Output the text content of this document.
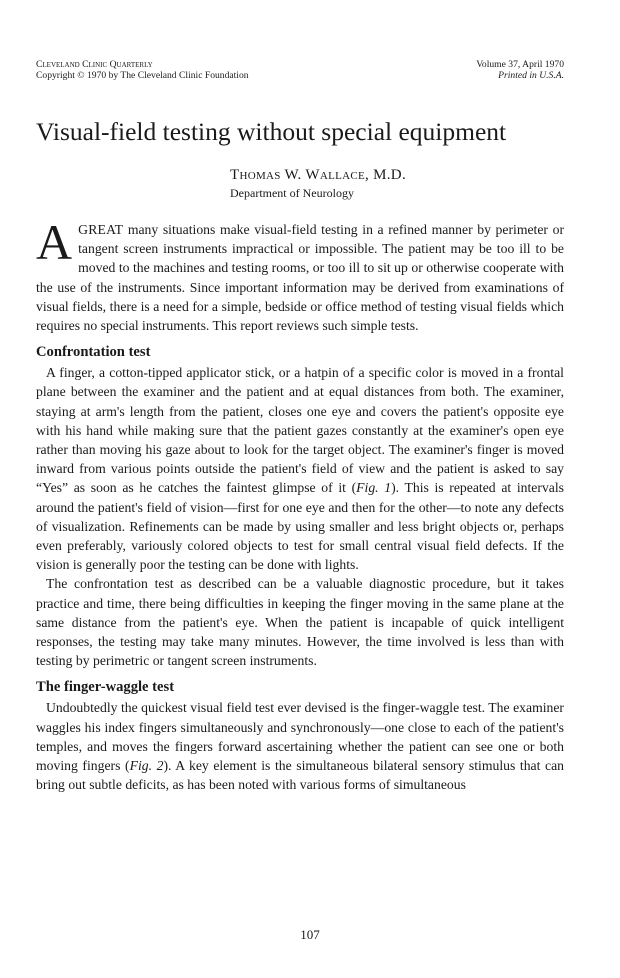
Cleveland Clinic Quarterly
Copyright © 1970 by The Cleveland Clinic Foundation
Volume 37, April 1970
Printed in U.S.A.
Visual-field testing without special equipment
Thomas W. Wallace, M.D.
Department of Neurology

AGREAT many situations make visual-field testing in a refined manner by perimeter or tangent screen instruments impractical or impossible. The patient may be too ill to be moved to the machines and testing rooms, or too ill to sit up or otherwise cooperate with the use of the instruments. Since important information may be derived from examinations of visual fields, there is a need for a simple, bedside or office method of testing visual fields which requires no special instruments. This report reviews such simple tests.

Confrontation test

A finger, a cotton-tipped applicator stick, or a hatpin of a specific color is moved in a frontal plane between the examiner and the patient and at equal distances from both. The examiner, staying at arm's length from the patient, closes one eye and covers the patient's opposite eye with his hand while making sure that the patient gazes constantly at the examiner's open eye rather than moving his gaze about to look for the target object. The examiner's finger is moved inward from various points outside the patient's field of view and the patient is asked to say “Yes” as soon as he catches the faintest glimpse of it (Fig. 1). This is repeated at intervals around the patient's field of vision—first for one eye and then for the other—to note any defects of visualization. Refinements can be made by using smaller and less bright objects or, perhaps even preferably, variously colored objects to test for small central visual field defects. If the vision is generally poor the testing can be done with lights.

The confrontation test as described can be a valuable diagnostic procedure, but it takes practice and time, there being difficulties in keeping the finger moving in the same plane at the same distance from the patient's eye. When the patient is incapable of quick intelligent responses, the testing may take many minutes. However, the time involved is less than with testing by perimetric or tangent screen instruments.

The finger-waggle test

Undoubtedly the quickest visual field test ever devised is the finger-waggle test. The examiner waggles his index fingers simultaneously and synchronously—one close to each of the patient's temples, and moves the fingers forward ascertaining whether the patient can see one or both moving fingers (Fig. 2). A key element is the simultaneous bilateral sensory stimulus that can bring out subtle deficits, as has been noted with various forms of simultaneous

107
